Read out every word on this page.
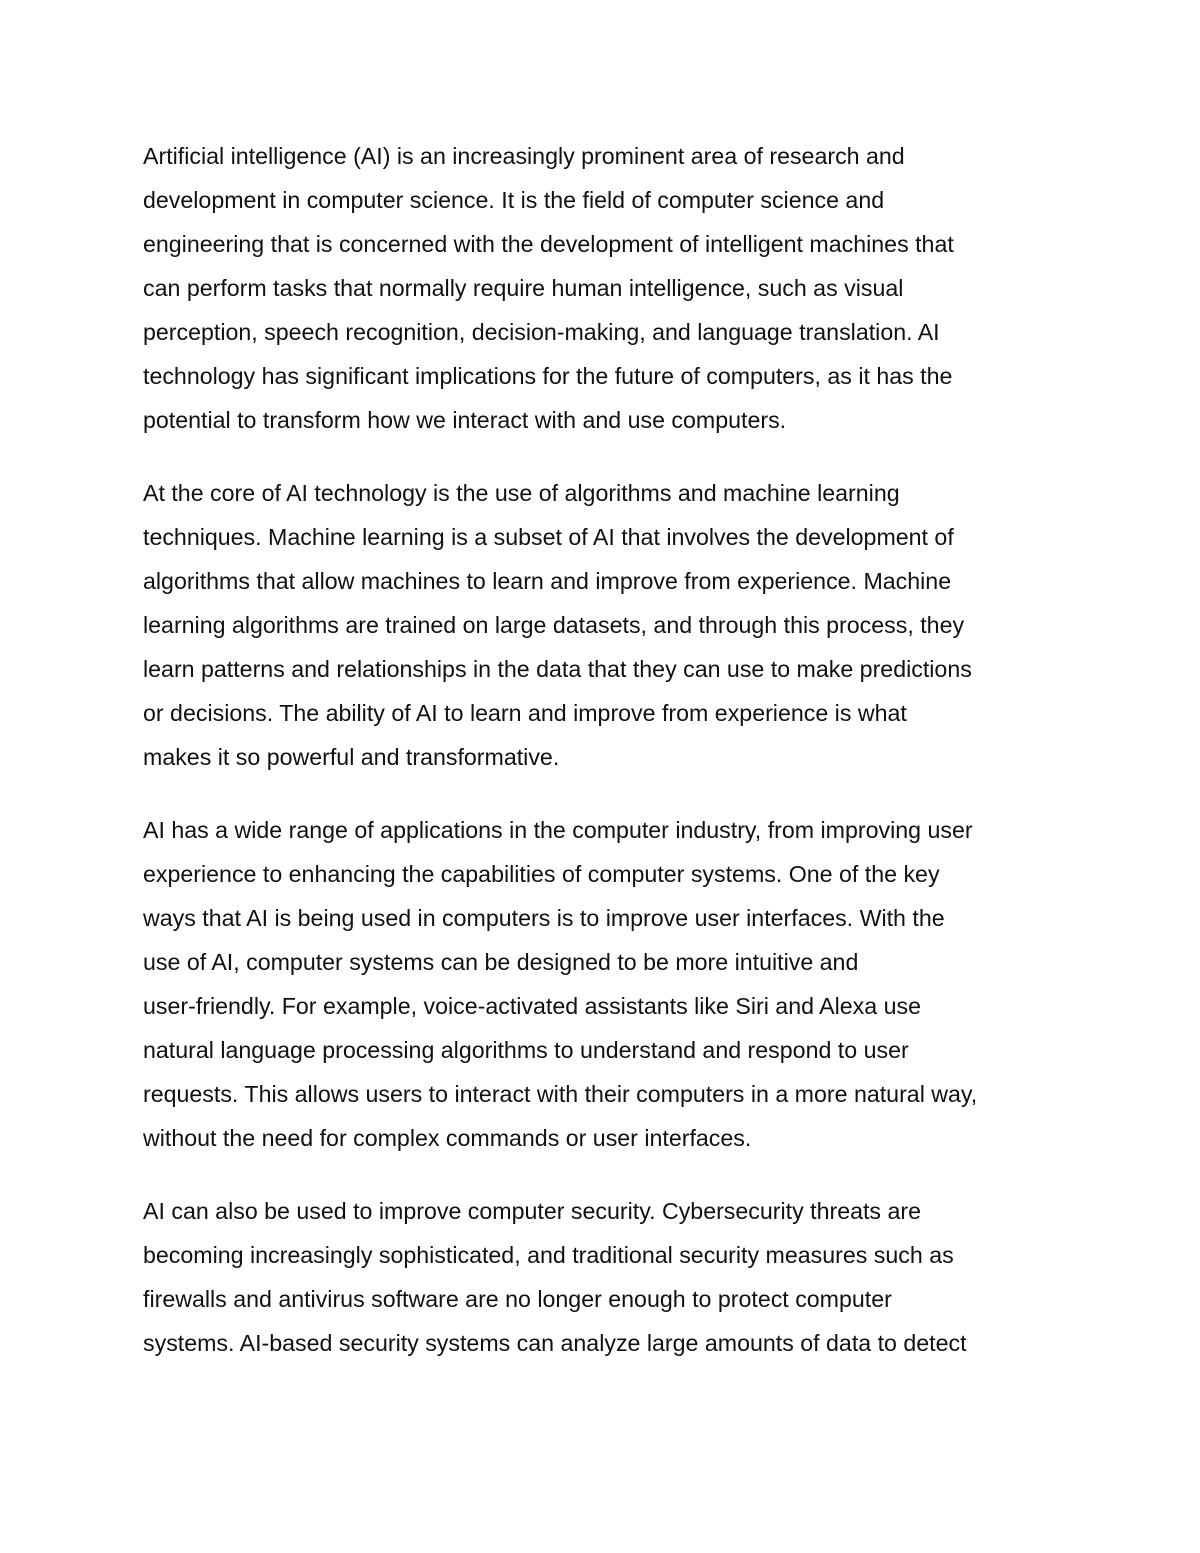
Artificial intelligence (AI) is an increasingly prominent area of research and
development in computer science. It is the field of computer science and
engineering that is concerned with the development of intelligent machines that
can perform tasks that normally require human intelligence, such as visual
perception, speech recognition, decision-making, and language translation. AI
technology has significant implications for the future of computers, as it has the
potential to transform how we interact with and use computers.

At the core of AI technology is the use of algorithms and machine learning
techniques. Machine learning is a subset of AI that involves the development of
algorithms that allow machines to learn and improve from experience. Machine
learning algorithms are trained on large datasets, and through this process, they
learn patterns and relationships in the data that they can use to make predictions
or decisions. The ability of AI to learn and improve from experience is what
makes it so powerful and transformative.

AI has a wide range of applications in the computer industry, from improving user
experience to enhancing the capabilities of computer systems. One of the key
ways that AI is being used in computers is to improve user interfaces. With the
use of AI, computer systems can be designed to be more intuitive and
user-friendly. For example, voice-activated assistants like Siri and Alexa use
natural language processing algorithms to understand and respond to user
requests. This allows users to interact with their computers in a more natural way,
without the need for complex commands or user interfaces.

AI can also be used to improve computer security. Cybersecurity threats are
becoming increasingly sophisticated, and traditional security measures such as
firewalls and antivirus software are no longer enough to protect computer
systems. AI-based security systems can analyze large amounts of data to detect
